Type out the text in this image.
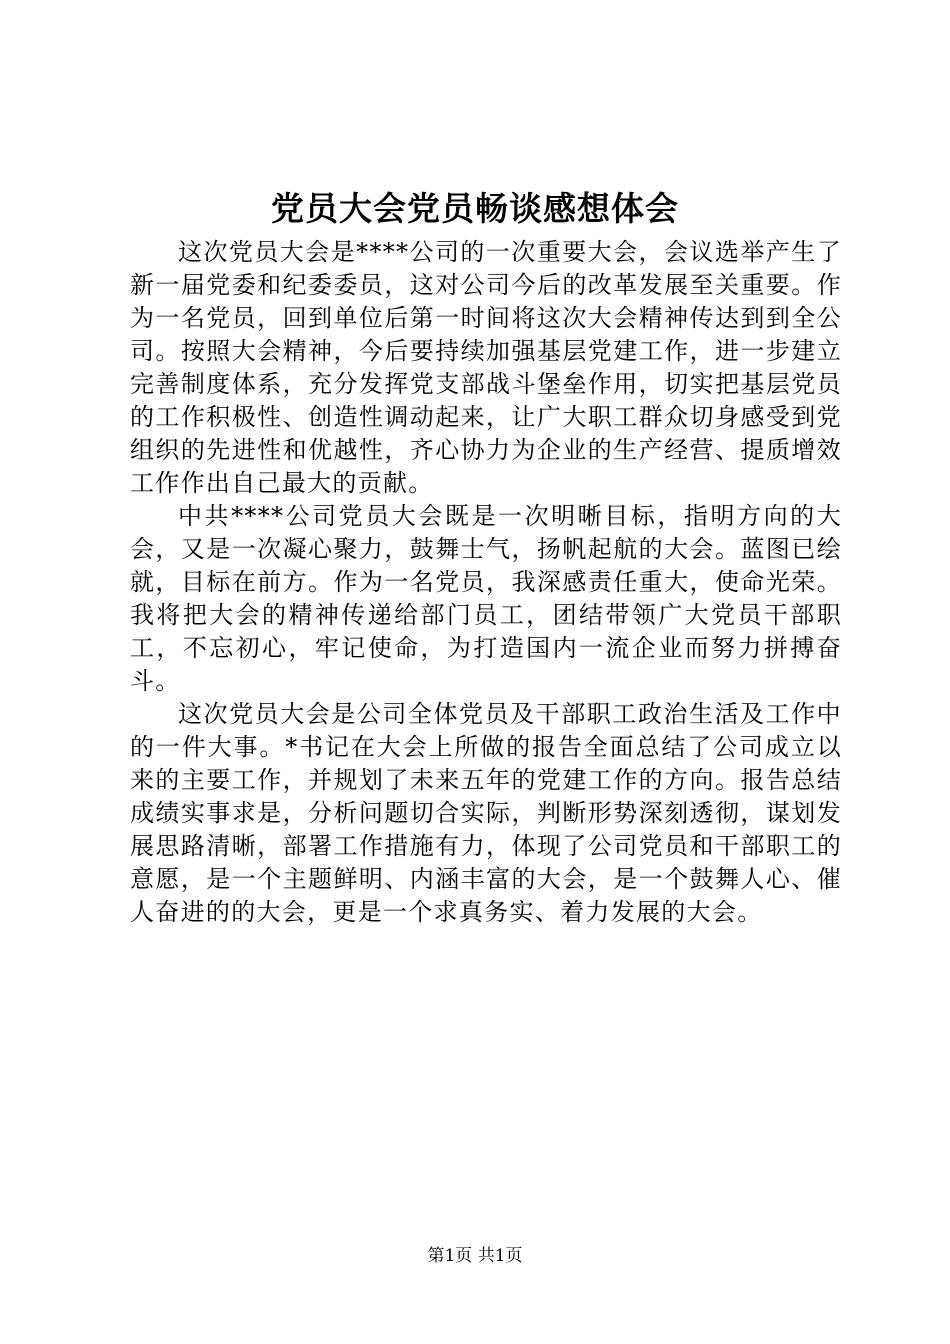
党员大会党员畅谈感想体会

这次党员大会是****公司的一次重要大会，会议选举产生了新一届党委和纪委委员，这对公司今后的改革发展至关重要。作为一名党员，回到单位后第一时间将这次大会精神传达到到全公司。按照大会精神，今后要持续加强基层党建工作，进一步建立完善制度体系，充分发挥党支部战斗堡垒作用，切实把基层党员的工作积极性、创造性调动起来，让广大职工群众切身感受到党组织的先进性和优越性，齐心协力为企业的生产经营、提质增效工作作出自己最大的贡献。

中共****公司党员大会既是一次明晰目标，指明方向的大会，又是一次凝心聚力，鼓舞士气，扬帆起航的大会。蓝图已绘就，目标在前方。作为一名党员，我深感责任重大，使命光荣。我将把大会的精神传递给部门员工，团结带领广大党员干部职工，不忘初心，牢记使命，为打造国内一流企业而努力拼搏奋斗。

这次党员大会是公司全体党员及干部职工政治生活及工作中的一件大事。*书记在大会上所做的报告全面总结了公司成立以来的主要工作，并规划了未来五年的党建工作的方向。报告总结成绩实事求是，分析问题切合实际，判断形势深刻透彻，谋划发展思路清晰，部署工作措施有力，体现了公司党员和干部职工的意愿，是一个主题鲜明、内涵丰富的大会，是一个鼓舞人心、催人奋进的的大会，更是一个求真务实、着力发展的大会。

第1页 共1页
